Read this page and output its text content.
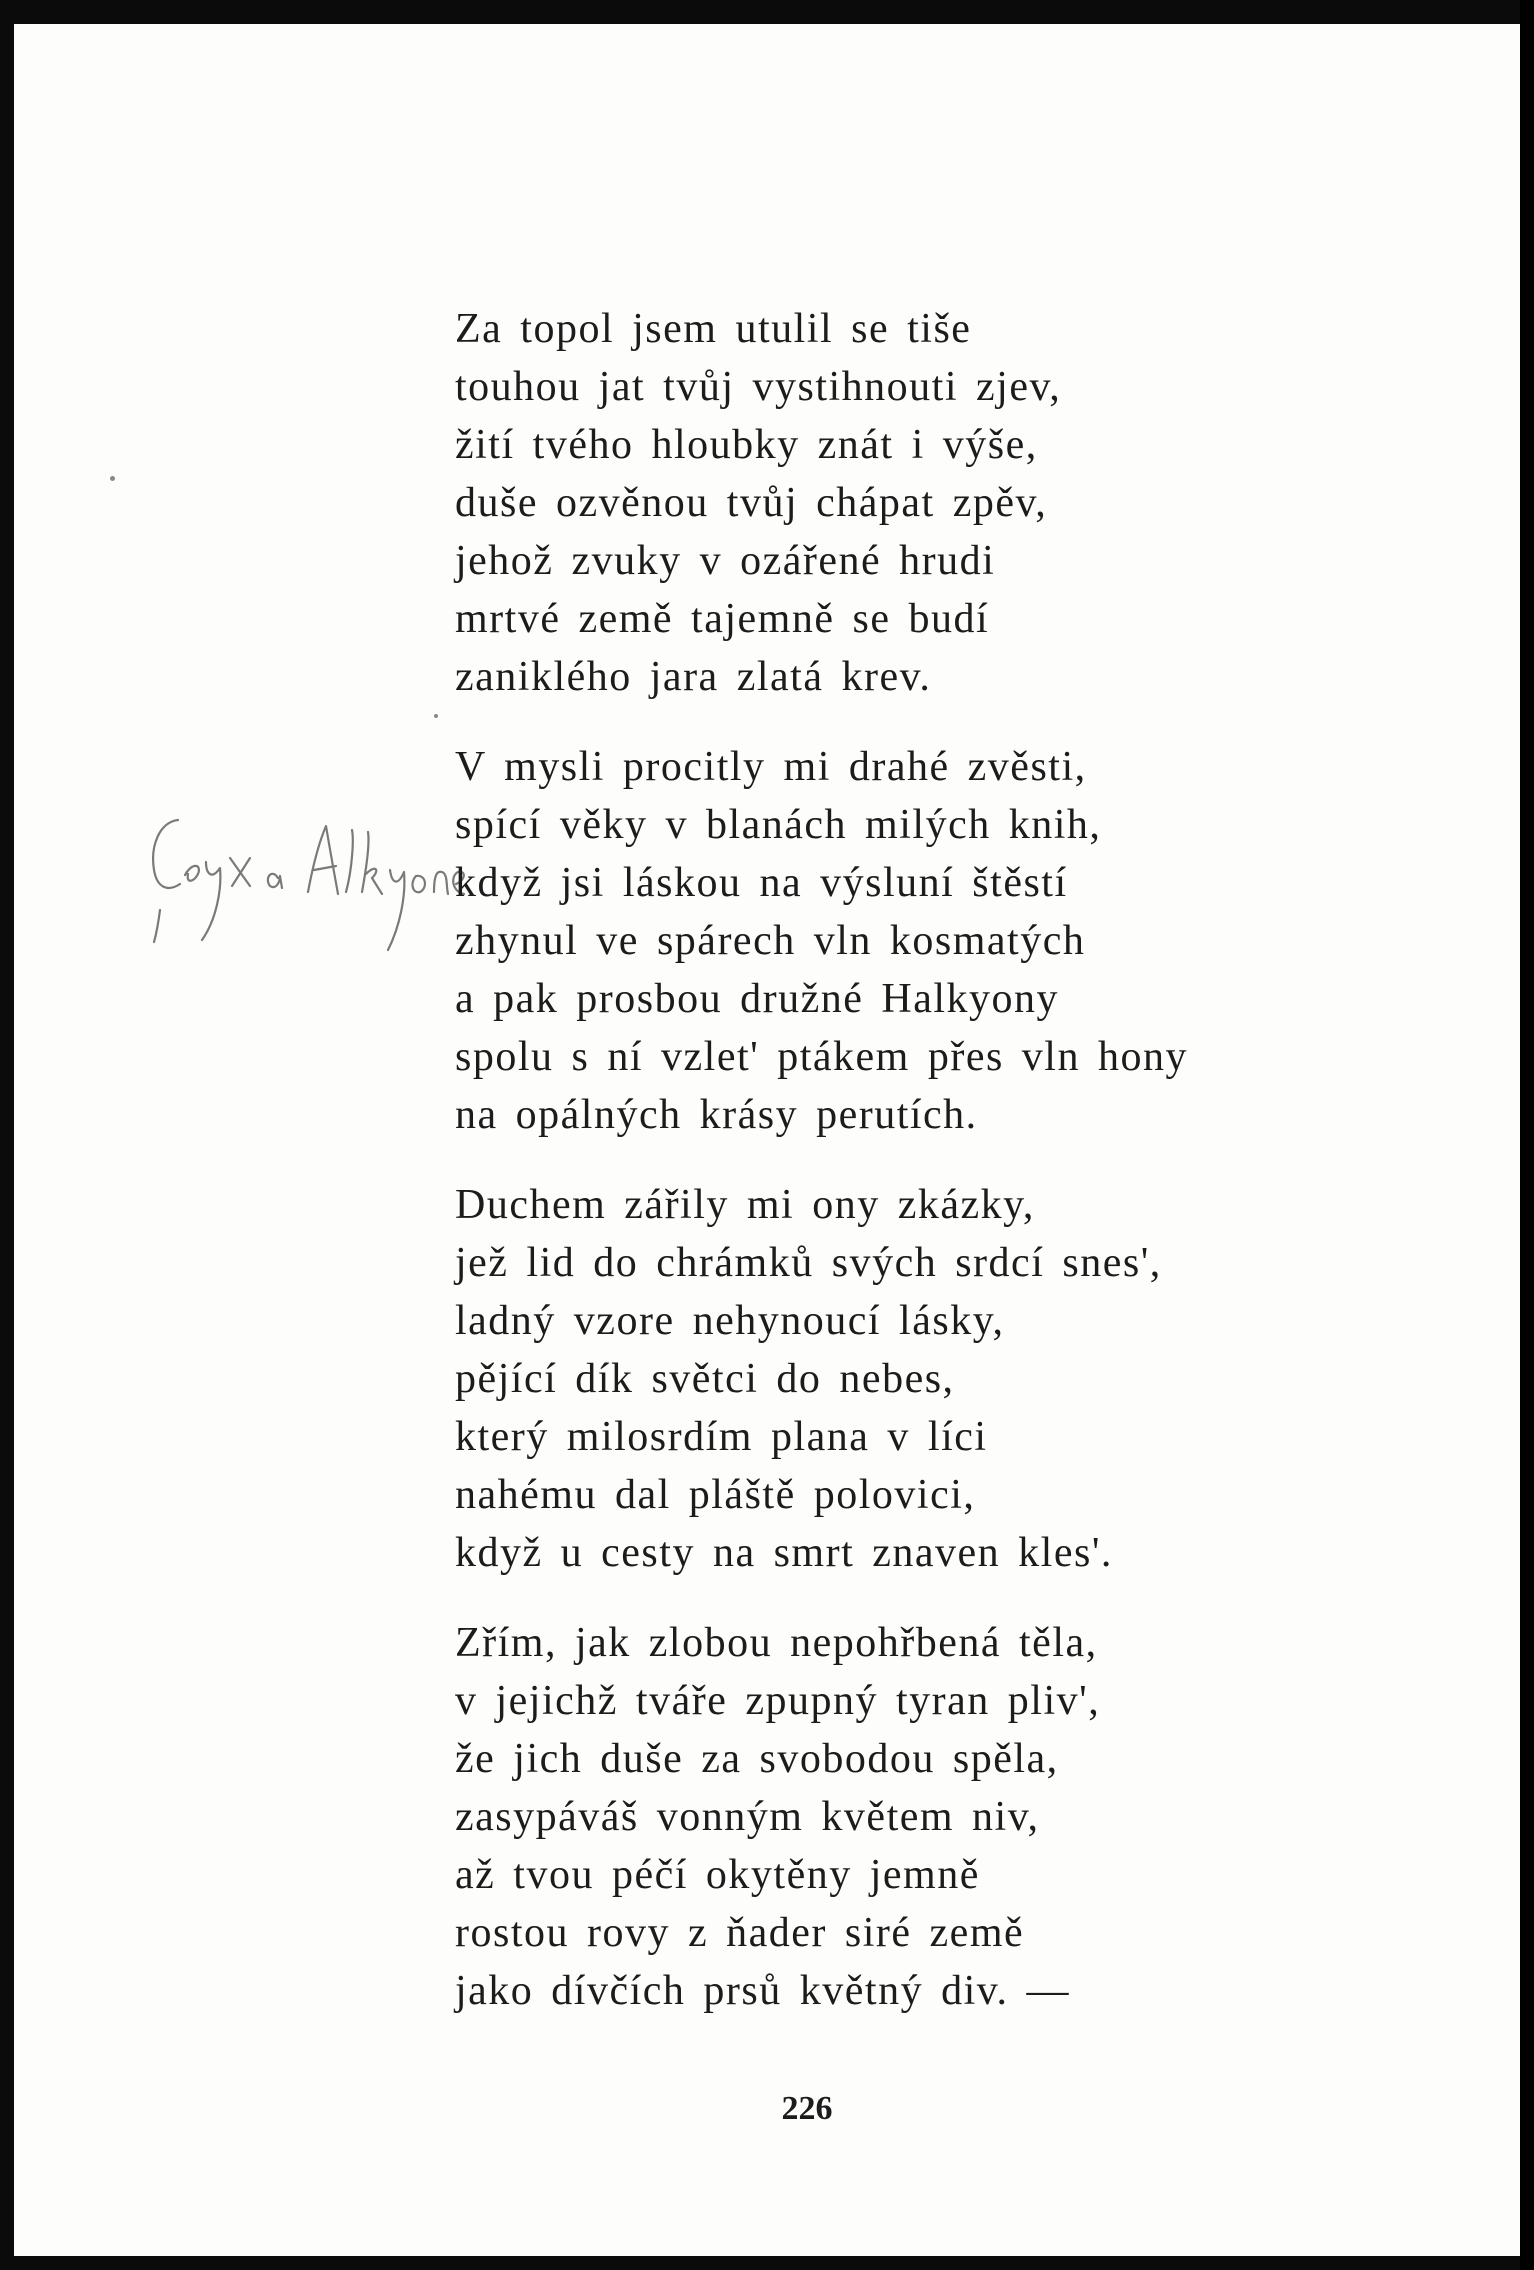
Za topol jsem utulil se tiše
touhou jat tvůj vystihnouti zjev,
žití tvého hloubky znát i výše,
duše ozvěnou tvůj chápat zpěv,
jehož zvuky v ozářené hrudi
mrtvé země tajemně se budí
zaniklého jara zlatá krev.
V mysli procitly mi drahé zvěsti,
spící věky v blanách milých knih,
když jsi láskou na výsluní štěstí
zhynul ve spárech vln kosmatých
a pak prosbou družné Halkyony
spolu s ní vzlet' ptákem přes vln hony
na opálných krásy perutích.
Duchem zářily mi ony zkázky,
jež lid do chrámků svých srdcí snes',
ladný vzore nehynoucí lásky,
pějící dík světci do nebes,
který milosrdím plana v líci
nahému dal pláště polovici,
když u cesty na smrt znaven kles'.
Zřím, jak zlobou nepohřbená těla,
v jejichž tváře zpupný tyran pliv',
že jich duše za svobodou spěla,
zasypáváš vonným květem niv,
až tvou péčí okytěny jemně
rostou rovy z ňader siré země
jako dívčích prsů květný div. —
226
